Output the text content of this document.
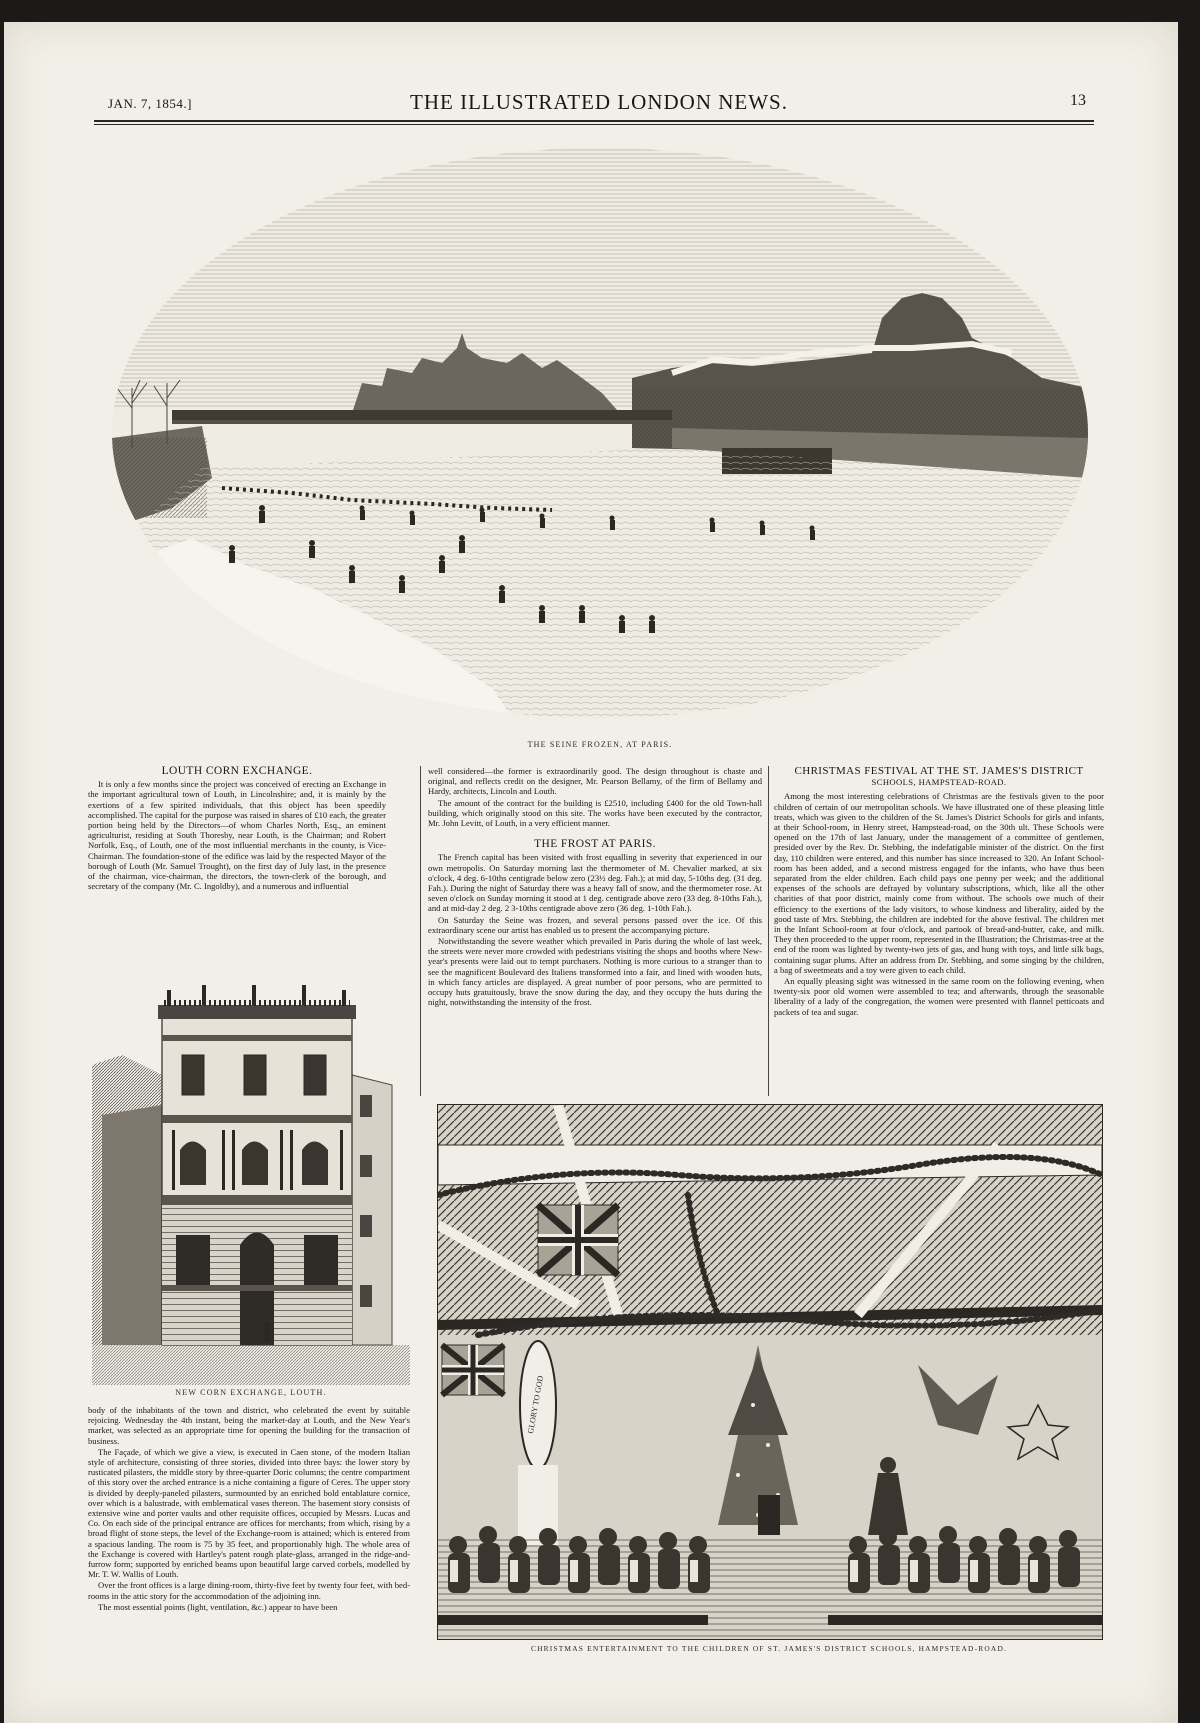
JAN. 7, 1854.]	THE ILLUSTRATED LONDON NEWS.	13
THE SEINE FROZEN, AT PARIS.
LOUTH CORN EXCHANGE.

It is only a few months since the project was conceived of erecting an Exchange in the important agricultural town of Louth, in Lincolnshire; and, it is mainly by the exertions of a few spirited individuals, that this object has been speedily accomplished. The capital for the purpose was raised in shares of £10 each, the greater portion being held by the Directors—of whom Charles North, Esq., an eminent agriculturist, residing at South Thoresby, near Louth, is the Chairman; and Robert Norfolk, Esq., of Louth, one of the most influential merchants in the county, is Vice-Chairman. The foundation-stone of the edifice was laid by the respected Mayor of the borough of Louth (Mr. Samuel Trought), on the first day of July last, in the presence of the chairman, vice-chairman, the directors, the town-clerk of the borough, and secretary of the company (Mr. C. Ingoldby), and a numerous and influential

NEW CORN EXCHANGE, LOUTH.

body of the inhabitants of the town and district, who celebrated the event by suitable rejoicing. Wednesday the 4th instant, being the market-day at Louth, and the New Year's market, was selected as an appropriate time for opening the building for the transaction of business.

The Façade, of which we give a view, is executed in Caen stone, of the modern Italian style of architecture, consisting of three stories, divided into three bays: the lower story by rusticated pilasters, the middle story by three-quarter Doric columns; the centre compartment of this story over the arched entrance is a niche containing a figure of Ceres. The upper story is divided by deeply-paneled pilasters, surmounted by an enriched bold entablature cornice, over which is a balustrade, with emblematical vases thereon. The basement story consists of extensive wine and porter vaults and other requisite offices, occupied by Messrs. Lucas and Co. On each side of the principal entrance are offices for merchants; from which, rising by a broad flight of stone steps, the level of the Exchange-room is attained; which is entered from a spacious landing. The room is 75 by 35 feet, and proportionably high. The whole area of the Exchange is covered with Hartley's patent rough plate-glass, arranged in the ridge-and-furrow form; supported by enriched beams upon beautiful large carved corbels, modelled by Mr. T. W. Wallis of Louth.

Over the front offices is a large dining-room, thirty-five feet by twenty four feet, with bed-rooms in the attic story for the accommodation of the adjoining inn.

The most essential points (light, ventilation, &c.) appear to have been

well considered—the former is extraordinarily good. The design throughout is chaste and original, and reflects credit on the designer, Mr. Pearson Bellamy, of the firm of Bellamy and Hardy, architects, Lincoln and Louth.

The amount of the contract for the building is £2510, including £400 for the old Town-hall building, which originally stood on this site. The works have been executed by the contractor, Mr. John Levitt, of Louth, in a very efficient manner.

THE FROST AT PARIS.

The French capital has been visited with frost equalling in severity that experienced in our own metropolis. On Saturday morning last the thermometer of M. Chevalier marked, at six o'clock, 4 deg. 6-10ths centigrade below zero (23½ deg. Fah.); at mid day, 5-10ths deg. (31 deg. Fah.). During the night of Saturday there was a heavy fall of snow, and the thermometer rose. At seven o'clock on Sunday morning it stood at 1 deg. centigrade above zero (33 deg. 8-10ths Fah.), and at mid-day 2 deg. 2 3-10ths centigrade above zero (36 deg. 1-10th Fah.).

On Saturday the Seine was frozen, and several persons passed over the ice. Of this extraordinary scene our artist has enabled us to present the accompanying picture.

Notwithstanding the severe weather which prevailed in Paris during the whole of last week, the streets were never more crowded with pedestrians visiting the shops and booths where New-year's presents were laid out to tempt purchasers. Nothing is more curious to a stranger than to see the magnificent Boulevard des Italiens transformed into a fair, and lined with wooden huts, in which fancy articles are displayed. A great number of poor persons, who are permitted to occupy huts gratuitously, brave the snow during the day, and they occupy the huts during the night, notwithstanding the intensity of the frost.

CHRISTMAS FESTIVAL AT THE ST. JAMES'S DISTRICT
SCHOOLS, HAMPSTEAD-ROAD.

Among the most interesting celebrations of Christmas are the festivals given to the poor children of certain of our metropolitan schools. We have illustrated one of these pleasing little treats, which was given to the children of the St. James's District Schools for girls and infants, at their School-room, in Henry street, Hampstead-road, on the 30th ult. These Schools were opened on the 17th of last January, under the management of a committee of gentlemen, presided over by the Rev. Dr. Stebbing, the indefatigable minister of the district. On the first day, 110 children were entered, and this number has since increased to 320. An Infant School-room has been added, and a second mistress engaged for the infants, who have thus been separated from the elder children. Each child pays one penny per week; and the additional expenses of the schools are defrayed by voluntary subscriptions, which, like all the other charities of that poor district, mainly come from without. The schools owe much of their efficiency to the exertions of the lady visitors, to whose kindness and liberality, aided by the good taste of Mrs. Stebbing, the children are indebted for the above festival. The children met in the Infant School-room at four o'clock, and partook of bread-and-butter, cake, and milk. They then proceeded to the upper room, represented in the Illustration; the Christmas-tree at the end of the room was lighted by twenty-two jets of gas, and hung with toys, and little silk bags, containing sugar plums. After an address from Dr. Stebbing, and some singing by the children, a bag of sweetmeats and a toy were given to each child.

An equally pleasing sight was witnessed in the same room on the following evening, when twenty-six poor old women were assembled to tea; and afterwards, through the seasonable liberality of a lady of the congregation, the women were presented with flannel petticoats and packets of tea and sugar.

GLORY TO GOD
CHRISTMAS ENTERTAINMENT TO THE CHILDREN OF ST. JAMES'S DISTRICT SCHOOLS, HAMPSTEAD-ROAD.
